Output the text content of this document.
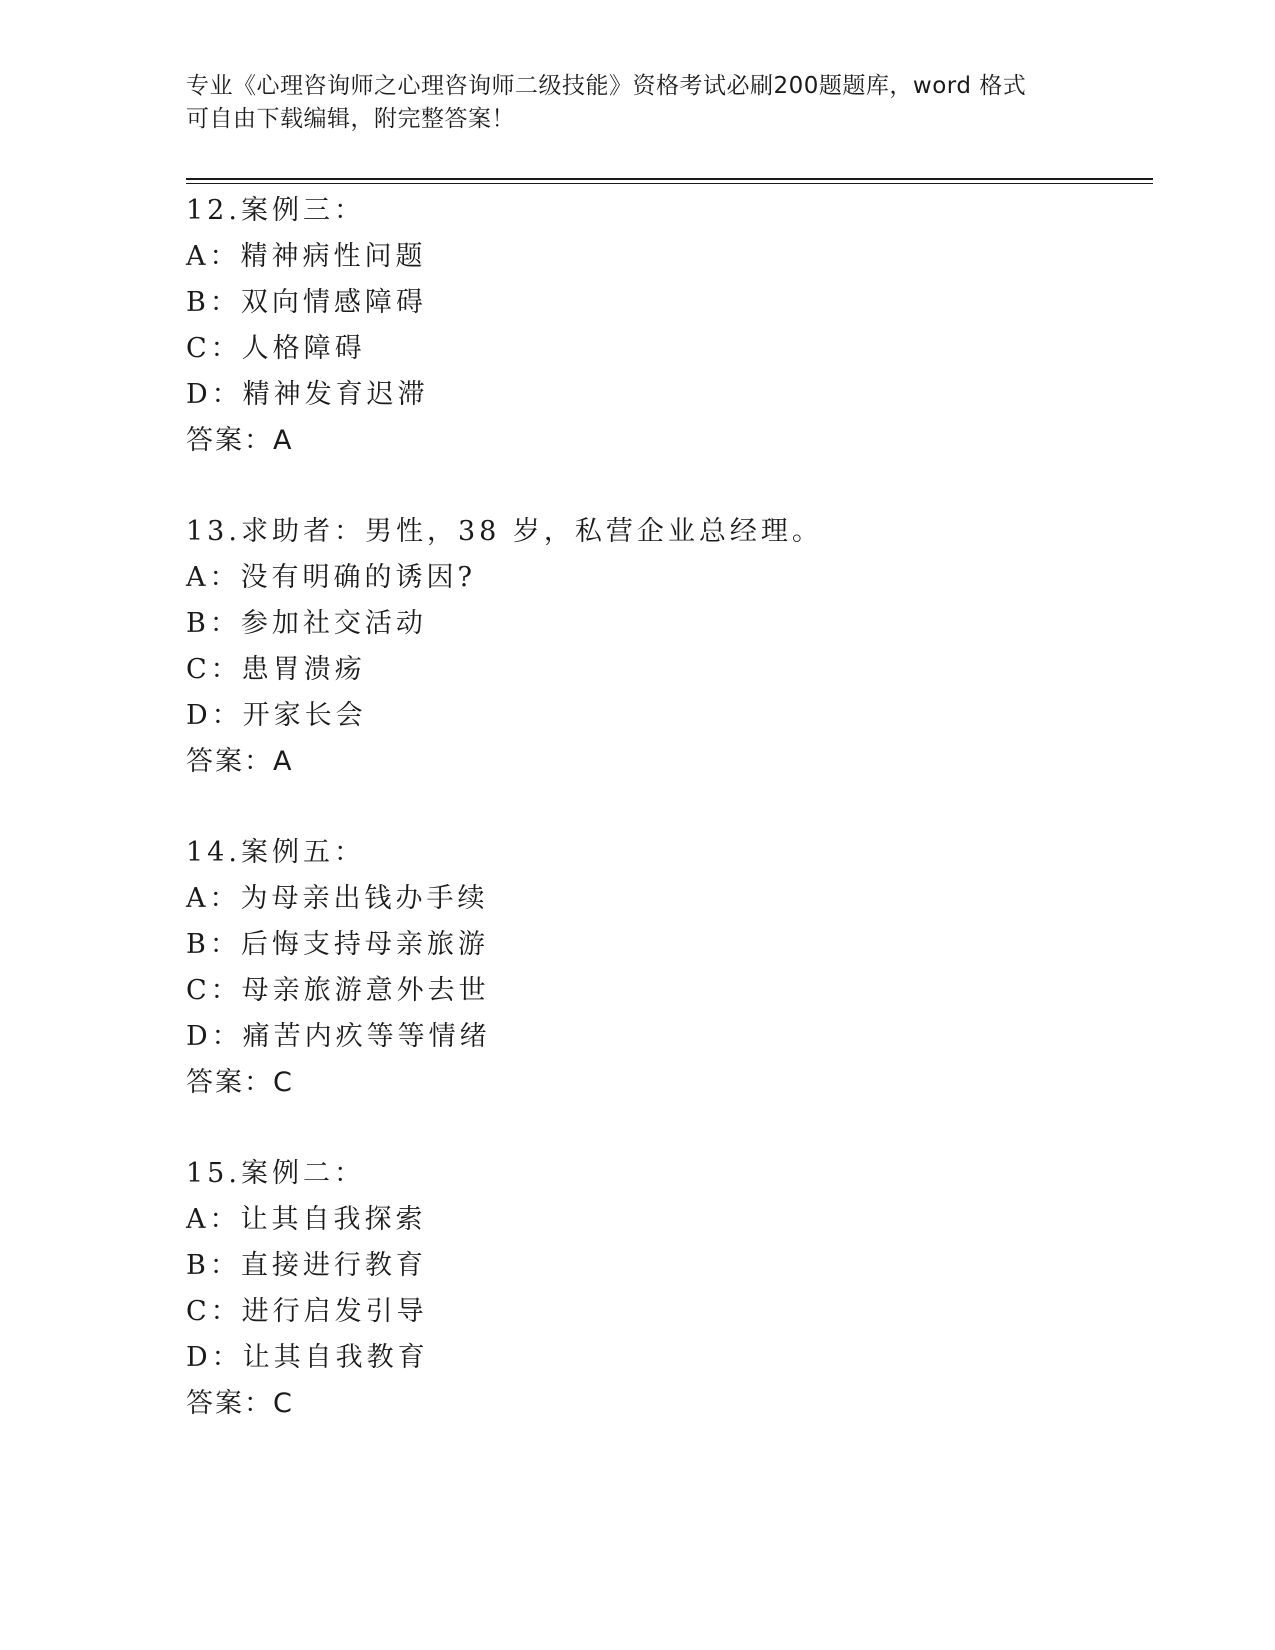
专业《心理咨询师之心理咨询师二级技能》资格考试必刷200题题库，word 格式
可自由下载编辑，附完整答案！
12.案例三：
A：精神病性问题
B：双向情感障碍
C：人格障碍
D：精神发育迟滞
答案：A
13.求助者：男性，38 岁，私营企业总经理。
A：没有明确的诱因?
B：参加社交活动
C：患胃溃疡
D：开家长会
答案：A
14.案例五：
A：为母亲出钱办手续
B：后悔支持母亲旅游
C：母亲旅游意外去世
D：痛苦内疚等等情绪
答案：C
15.案例二：
A：让其自我探索
B：直接进行教育
C：进行启发引导
D：让其自我教育
答案：C
